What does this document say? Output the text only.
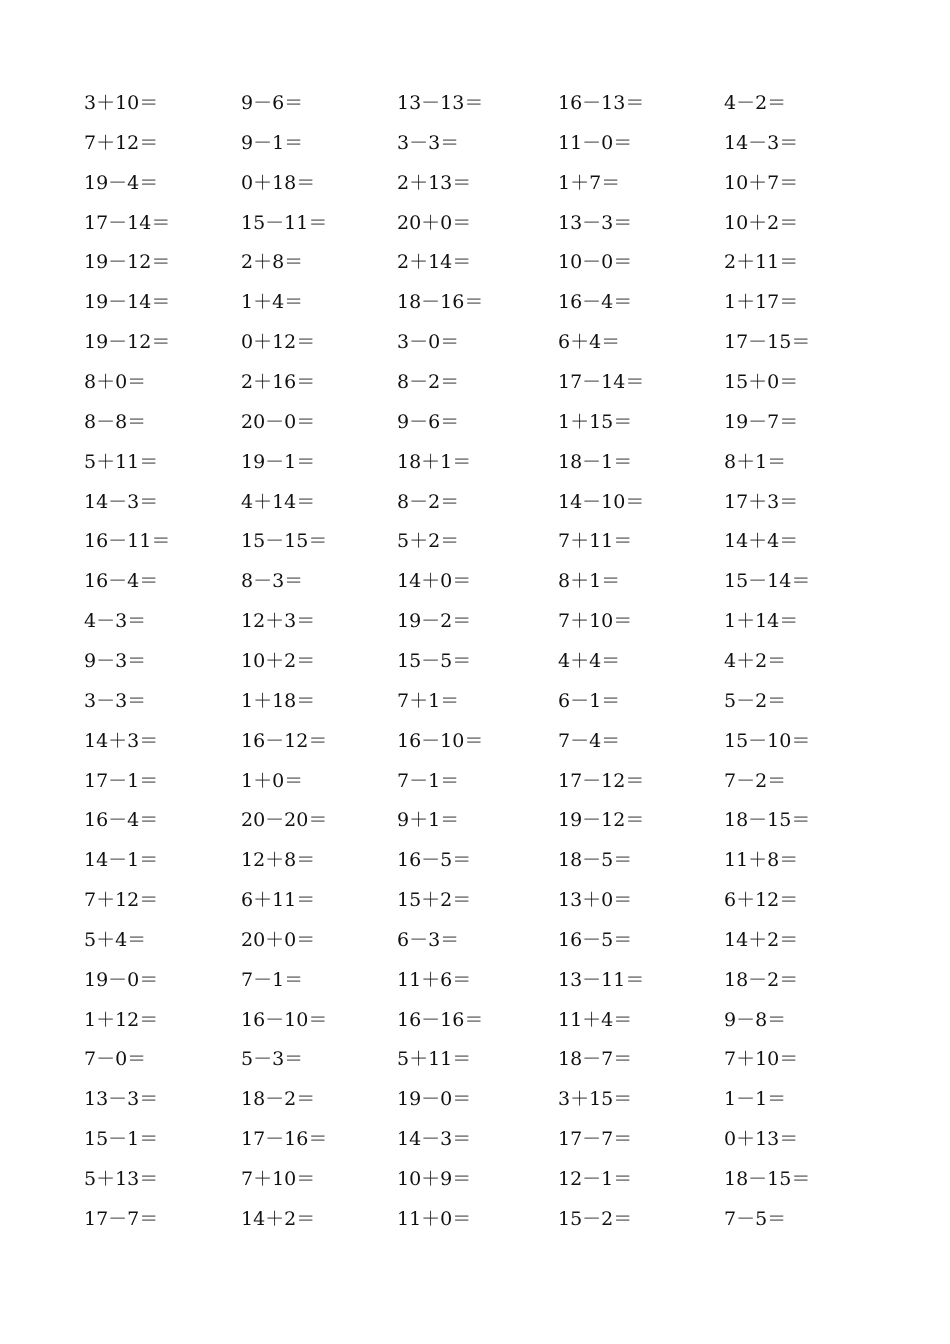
3＋10＝	9－6＝	13－13＝	16－13＝	4－2＝
7＋12＝	9－1＝	3－3＝	11－0＝	14－3＝
19－4＝	0＋18＝	2＋13＝	1＋7＝	10＋7＝
17－14＝	15－11＝	20＋0＝	13－3＝	10＋2＝
19－12＝	2＋8＝	2＋14＝	10－0＝	2＋11＝
19－14＝	1＋4＝	18－16＝	16－4＝	1＋17＝
19－12＝	0＋12＝	3－0＝	6＋4＝	17－15＝
8＋0＝	2＋16＝	8－2＝	17－14＝	15＋0＝
8－8＝	20－0＝	9－6＝	1＋15＝	19－7＝
5＋11＝	19－1＝	18＋1＝	18－1＝	8＋1＝
14－3＝	4＋14＝	8－2＝	14－10＝	17＋3＝
16－11＝	15－15＝	5＋2＝	7＋11＝	14＋4＝
16－4＝	8－3＝	14＋0＝	8＋1＝	15－14＝
4－3＝	12＋3＝	19－2＝	7＋10＝	1＋14＝
9－3＝	10＋2＝	15－5＝	4＋4＝	4＋2＝
3－3＝	1＋18＝	7＋1＝	6－1＝	5－2＝
14＋3＝	16－12＝	16－10＝	7－4＝	15－10＝
17－1＝	1＋0＝	7－1＝	17－12＝	7－2＝
16－4＝	20－20＝	9＋1＝	19－12＝	18－15＝
14－1＝	12＋8＝	16－5＝	18－5＝	11＋8＝
7＋12＝	6＋11＝	15＋2＝	13＋0＝	6＋12＝
5＋4＝	20＋0＝	6－3＝	16－5＝	14＋2＝
19－0＝	7－1＝	11＋6＝	13－11＝	18－2＝
1＋12＝	16－10＝	16－16＝	11＋4＝	9－8＝
7－0＝	5－3＝	5＋11＝	18－7＝	7＋10＝
13－3＝	18－2＝	19－0＝	3＋15＝	1－1＝
15－1＝	17－16＝	14－3＝	17－7＝	0＋13＝
5＋13＝	7＋10＝	10＋9＝	12－1＝	18－15＝
17－7＝	14＋2＝	11＋0＝	15－2＝	7－5＝
